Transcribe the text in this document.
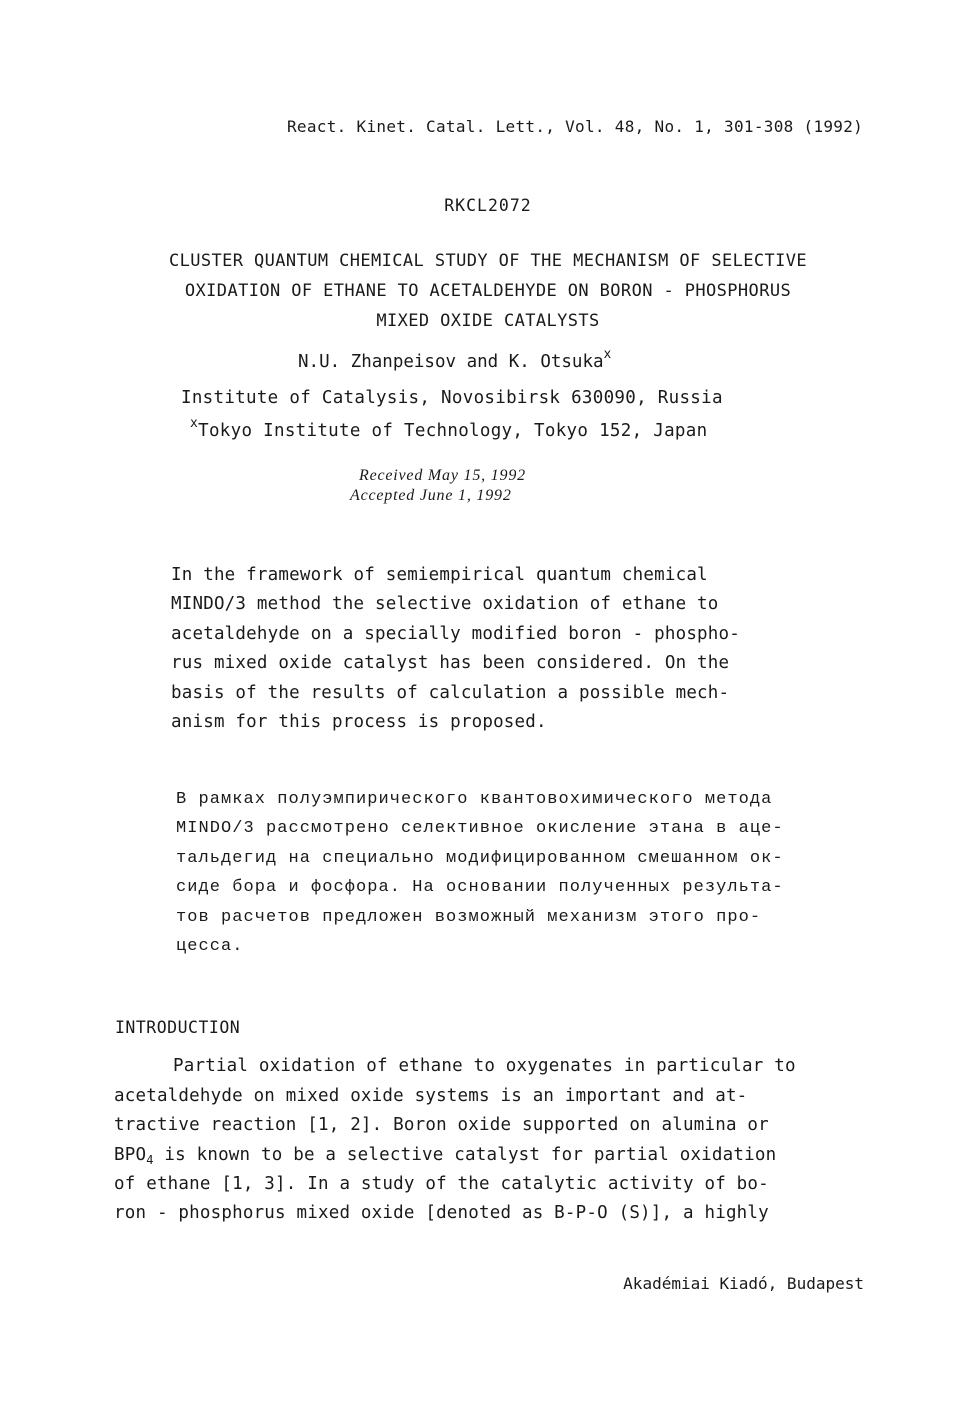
React. Kinet. Catal. Lett., Vol. 48, No. 1, 301-308 (1992)
RKCL2072
CLUSTER QUANTUM CHEMICAL STUDY OF THE MECHANISM OF SELECTIVE
OXIDATION OF ETHANE TO ACETALDEHYDE ON BORON - PHOSPHORUS
MIXED OXIDE CATALYSTS
N.U. Zhanpeisov and K. Otsuka$^x$
Institute of Catalysis, Novosibirsk 630090, Russia
$^x$Tokyo Institute of Technology, Tokyo 152, Japan
Received May 15, 1992
Accepted June 1, 1992
In the framework of semiempirical quantum chemical
MINDO/3 method the selective oxidation of ethane to
acetaldehyde on a specially modified boron - phospho-
rus mixed oxide catalyst has been considered. On the
basis of the results of calculation a possible mech-
anism for this process is proposed.
В рамках полуэмпирического квантовохимического метода
MINDO/3 рассмотрено селективное окисление этана в аце-
тальдегид на специально модифицированном смешанном ок-
сиде бора и фосфора. На основании полученных результа-
тов расчетов предложен возможный механизм этого про-
цесса.
INTRODUCTION
Partial oxidation of ethane to oxygenates in particular to
acetaldehyde on mixed oxide systems is an important and at-
tractive reaction [1, 2]. Boron oxide supported on alumina or
$BPO_4$ is known to be a selective catalyst for partial oxidation
of ethane [1, 3]. In a study of the catalytic activity of bo-
ron - phosphorus mixed oxide [denoted as B-P-O (S)], a highly
Akadémiai Kiadó, Budapest
